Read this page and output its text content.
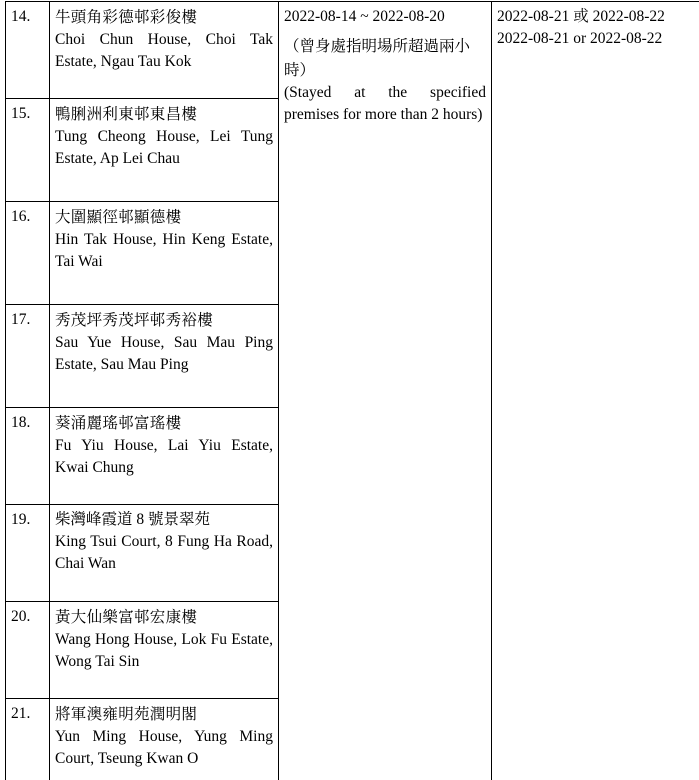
14.	牛頭角彩德邨彩俊樓
Choi Chun House, Choi Tak Estate, Ngau Tau Kok

2022-08-14 ~ 2022-08-20
（曾身處指明場所超過兩小時）
(Stayed at the specified premises for more than 2 hours)

2022-08-21 或 2022-08-22
2022-08-21 or 2022-08-22

15.	鴨脷洲利東邨東昌樓
Tung Cheong House, Lei Tung Estate, Ap Lei Chau		

16.	大圍顯徑邨顯德樓
Hin Tak House, Hin Keng Estate, Tai Wai		

17.	秀茂坪秀茂坪邨秀裕樓
Sau Yue House, Sau Mau Ping Estate, Sau Mau Ping		

18.	葵涌麗瑤邨富瑤樓
Fu Yiu House, Lai Yiu Estate, Kwai Chung		

19.	柴灣峰霞道 8 號景翠苑
King Tsui Court, 8 Fung Ha Road, Chai Wan		

20.	黃大仙樂富邨宏康樓
Wang Hong House, Lok Fu Estate, Wong Tai Sin		

21.	將軍澳雍明苑潤明閣
Yun Ming House, Yung Ming Court, Tseung Kwan O		
